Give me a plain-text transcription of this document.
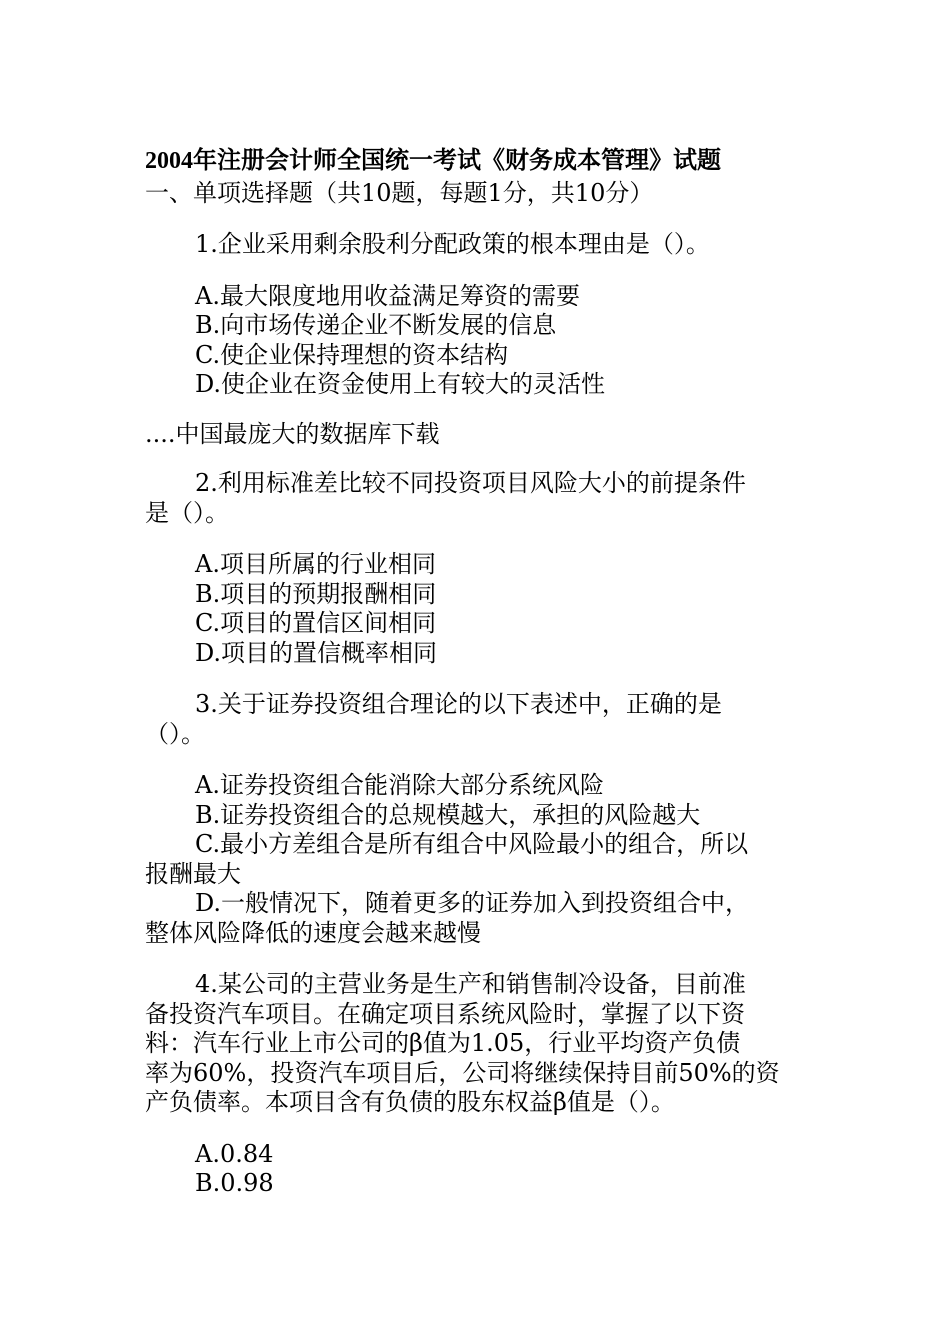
2004年注册会计师全国统一考试《财务成本管理》试题
一、单项选择题（共10题，每题1分，共10分）
1.企业采用剩余股利分配政策的根本理由是（）。
A.最大限度地用收益满足筹资的需要
B.向市场传递企业不断发展的信息
C.使企业保持理想的资本结构
D.使企业在资金使用上有较大的灵活性
....中国最庞大的数据库下载
2.利用标准差比较不同投资项目风险大小的前提条件
是（）。
A.项目所属的行业相同
B.项目的预期报酬相同
C.项目的置信区间相同
D.项目的置信概率相同
3.关于证券投资组合理论的以下表述中，正确的是
（）。
A.证券投资组合能消除大部分系统风险
B.证券投资组合的总规模越大，承担的风险越大
C.最小方差组合是所有组合中风险最小的组合，所以
报酬最大
D.一般情况下，随着更多的证券加入到投资组合中，
整体风险降低的速度会越来越慢
4.某公司的主营业务是生产和销售制冷设备，目前准
备投资汽车项目。在确定项目系统风险时，掌握了以下资
料：汽车行业上市公司的β值为1.05，行业平均资产负债
率为60%，投资汽车项目后，公司将继续保持目前50%的资
产负债率。本项目含有负债的股东权益β值是（）。
A.0.84
B.0.98
